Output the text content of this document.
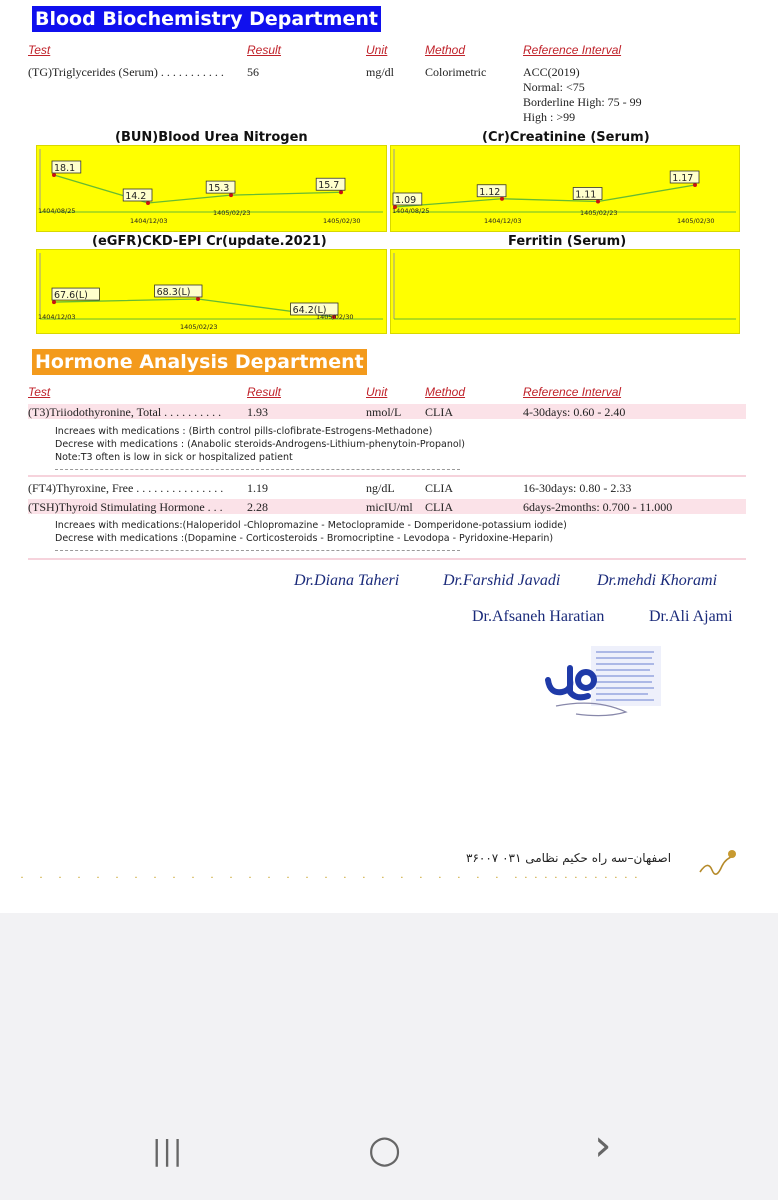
Blood Biochemistry Department
Test	Result	Unit	Method	Reference Interval
(TG)Triglycerides (Serum) . . . . . . . . . . . 56	mg/dl	Colorimetric	ACC(2019)
Normal: <75
Borderline High: 75 - 99
High : >99
(BUN)Blood Urea Nitrogen	(Cr)Creatinine (Serum)
(eGFR)CKD-EPI Cr(update.2021)	Ferritin (Serum)
18.1
1404/08/25
14.2
1404/12/03
15.3
1405/02/23
15.7
1405/02/30
1.09
1404/08/25
1.12
1404/12/03
1.11
1405/02/23
1.17
1405/02/30
67.6(L)
1404/12/03
68.3(L)
1405/02/23
64.2(L)
1405/02/30
Hormone Analysis Department
Test	Result	Unit	Method	Reference Interval
(T3)Triiodothyronine, Total . . . . . . . . . . 1.93	nmol/L CLIA	4-30days: 0.60 - 2.40
Increaes with medications : (Birth control pills-clofibrate-Estrogens-Methadone)
Decrese with medications : (Anabolic steroids-Androgens-Lithium-phenytoin-Propanol)
Note:T3 often is low in sick or hospitalized patient
(FT4)Thyroxine, Free . . . . . . . . . . . . . . . 1.19	ng/dL	CLIA	16-30days: 0.80 - 2.33
(TSH)Thyroid Stimulating Hormone . . . 2.28	micIU/ml CLIA	6days-2months: 0.700 - 11.000
Increaes with medications:(Haloperidol -Chlopromazine - Metoclopramide - Domperidone-potassium iodide)
Decrese with medications :(Dopamine - Corticosteroids - Bromocriptine - Levodopa - Pyridoxine-Heparin)
Dr.Diana Taheri	Dr.Farshid Javadi Dr.mehdi Khorami
Dr.Afsaneh Haratian	Dr.Ali Ajami
اصفهان–سه راه حکیم نظامی ۰۳۱ ۳۶۰۰۷
· · · · · · · · · · · · · · · · · · · · · · · · · · ·············
|||	○	›
